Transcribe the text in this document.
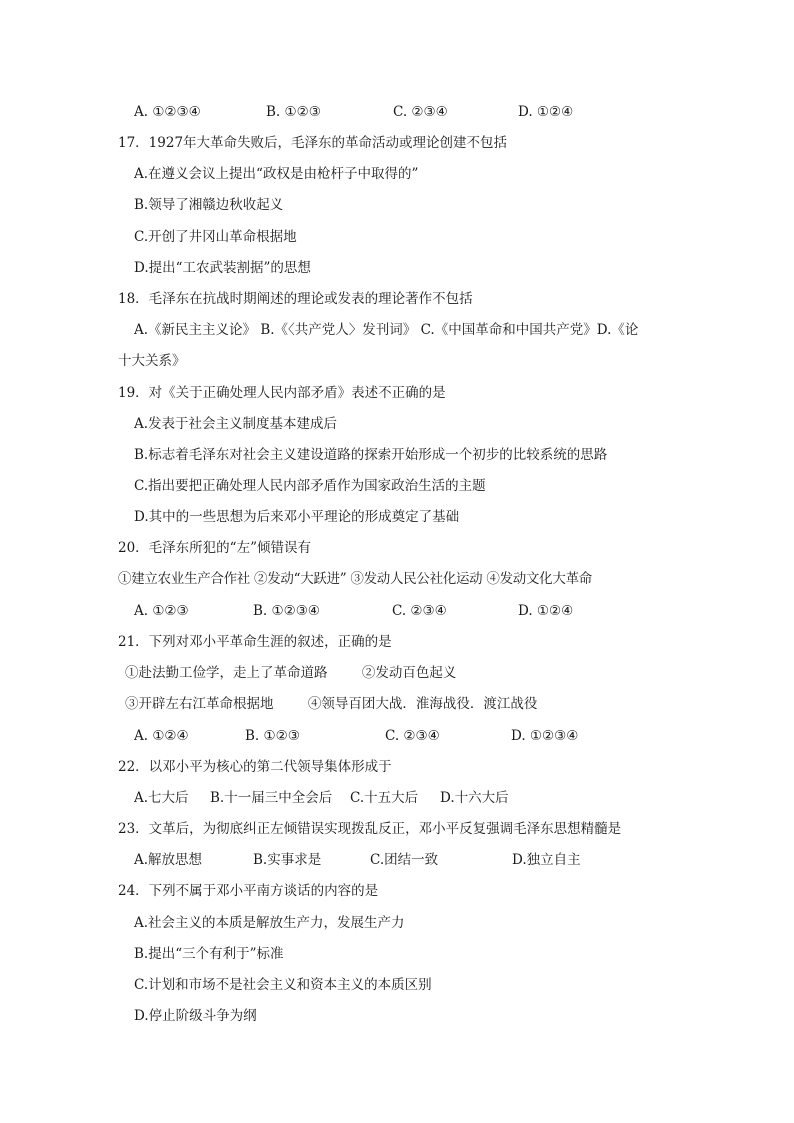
A. ①②③④	B. ①②③	C. ②③④	D. ①②④
17．1927年大革命失败后，毛泽东的革命活动或理论创建不包括
A.在遵义会议上提出“政权是由枪杆子中取得的”
B.领导了湘赣边秋收起义
C.开创了井冈山革命根据地
D.提出“工农武装割据”的思想
18．毛泽东在抗战时期阐述的理论或发表的理论著作不包括
A.《新民主主义论》 B.《〈共产党人〉发刊词》 C.《中国革命和中国共产党》D.《论
十大关系》
19．对《关于正确处理人民内部矛盾》表述不正确的是
A.发表于社会主义制度基本建成后
B.标志着毛泽东对社会主义建设道路的探索开始形成一个初步的比较系统的思路
C.指出要把正确处理人民内部矛盾作为国家政治生活的主题
D.其中的一些思想为后来邓小平理论的形成奠定了基础
20．毛泽东所犯的“左”倾错误有
①建立农业生产合作社 ②发动“大跃进” ③发动人民公社化运动 ④发动文化大革命
A. ①②③	B. ①②③④	C. ②③④	D. ①②④
21．下列对邓小平革命生涯的叙述，正确的是
①赴法勤工俭学，走上了革命道路        ②发动百色起义
③开辟左右江革命根据地        ④领导百团大战．淮海战役．渡江战役
A. ①②④	B. ①②③	C. ②③④	D. ①②③④
22．以邓小平为核心的第二代领导集体形成于
A.七大后 B.十一届三中全会后 C.十五大后 D.十六大后
23．文革后，为彻底纠正左倾错误实现拨乱反正，邓小平反复强调毛泽东思想精髓是
A.解放思想	B.实事求是	C.团结一致	D.独立自主
24．下列不属于邓小平南方谈话的内容的是
A.社会主义的本质是解放生产力，发展生产力
B.提出“三个有利于”标准
C.计划和市场不是社会主义和资本主义的本质区别
D.停止阶级斗争为纲
